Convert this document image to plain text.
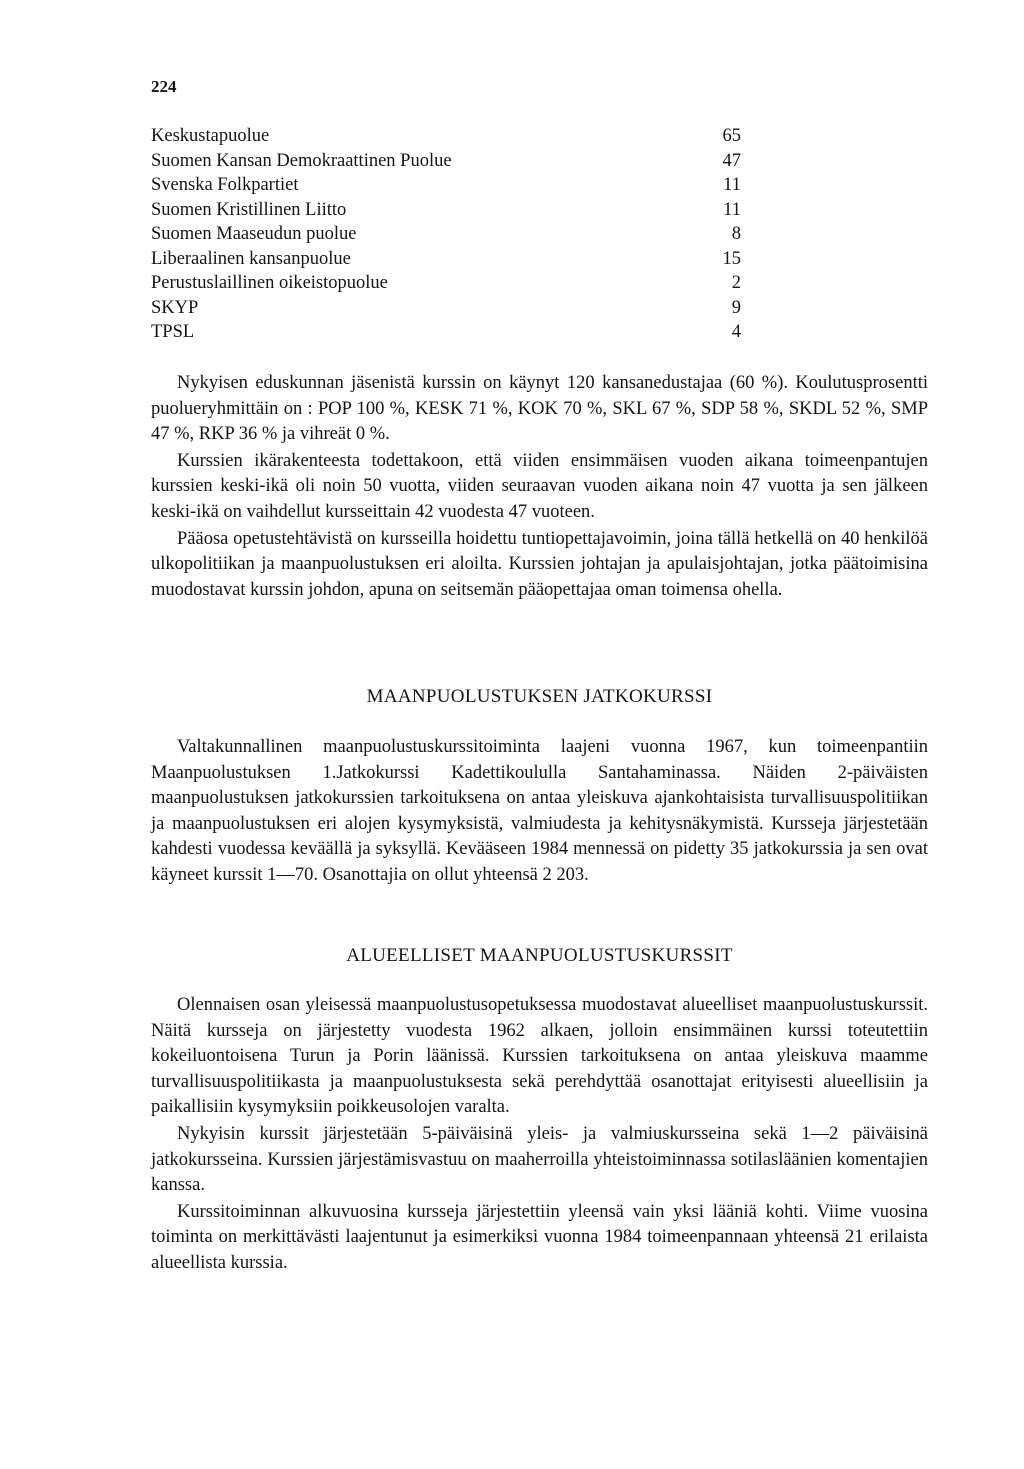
224
Keskustapuolue	65
Suomen Kansan Demokraattinen Puolue	47
Svenska Folkpartiet	11
Suomen Kristillinen Liitto	11
Suomen Maaseudun puolue	8
Liberaalinen kansanpuolue	15
Perustuslaillinen oikeistopuolue	2
SKYP	9
TPSL	4

Nykyisen eduskunnan jäsenistä kurssin on käynyt 120 kansanedustajaa (60 %). Koulutusprosentti puolueryhmittäin on : POP 100 %, KESK 71 %, KOK 70 %, SKL 67 %, SDP 58 %, SKDL 52 %, SMP 47 %, RKP 36 % ja vihreät 0 %.

Kurssien ikärakenteesta todettakoon, että viiden ensimmäisen vuoden aikana toimeenpantujen kurssien keski-ikä oli noin 50 vuotta, viiden seuraavan vuoden aikana noin 47 vuotta ja sen jälkeen keski-ikä on vaihdellut kursseittain 42 vuodesta 47 vuoteen.

Pääosa opetustehtävistä on kursseilla hoidettu tuntiopettajavoimin, joina tällä hetkellä on 40 henkilöä ulkopolitiikan ja maanpuolustuksen eri aloilta. Kurssien johtajan ja apulaisjohtajan, jotka päätoimisina muodostavat kurssin johdon, apuna on seitsemän pääopettajaa oman toimensa ohella.

MAANPUOLUSTUKSEN JATKOKURSSI

Valtakunnallinen maanpuolustuskurssitoiminta laajeni vuonna 1967, kun toimeenpantiin Maanpuolustuksen 1.Jatkokurssi Kadettikoululla Santahaminassa. Näiden 2-päiväisten maanpuolustuksen jatkokurssien tarkoituksena on antaa yleiskuva ajankohtaisista turvallisuuspolitiikan ja maanpuolustuksen eri alojen kysymyksistä, valmiudesta ja kehitysnäkymistä. Kursseja järjestetään kahdesti vuodessa keväällä ja syksyllä. Kevääseen 1984 mennessä on pidetty 35 jatkokurssia ja sen ovat käyneet kurssit 1—70. Osanottajia on ollut yhteensä 2 203.

ALUEELLISET MAANPUOLUSTUSKURSSIT

Olennaisen osan yleisessä maanpuolustusopetuksessa muodostavat alueelliset maanpuolustuskurssit. Näitä kursseja on järjestetty vuodesta 1962 alkaen, jolloin ensimmäinen kurssi toteutettiin kokeiluontoisena Turun ja Porin läänissä. Kurssien tarkoituksena on antaa yleiskuva maamme turvallisuuspolitiikasta ja maanpuolustuksesta sekä perehdyttää osanottajat erityisesti alueellisiin ja paikallisiin kysymyksiin poikkeusolojen varalta.

Nykyisin kurssit järjestetään 5-päiväisinä yleis- ja valmiuskursseina sekä 1—2 päiväisinä jatkokursseina. Kurssien järjestämisvastuu on maaherroilla yhteistoiminnassa sotilasläänien komentajien kanssa.

Kurssitoiminnan alkuvuosina kursseja järjestettiin yleensä vain yksi lääniä kohti. Viime vuosina toiminta on merkittävästi laajentunut ja esimerkiksi vuonna 1984 toimeenpannaan yhteensä 21 erilaista alueellista kurssia.
